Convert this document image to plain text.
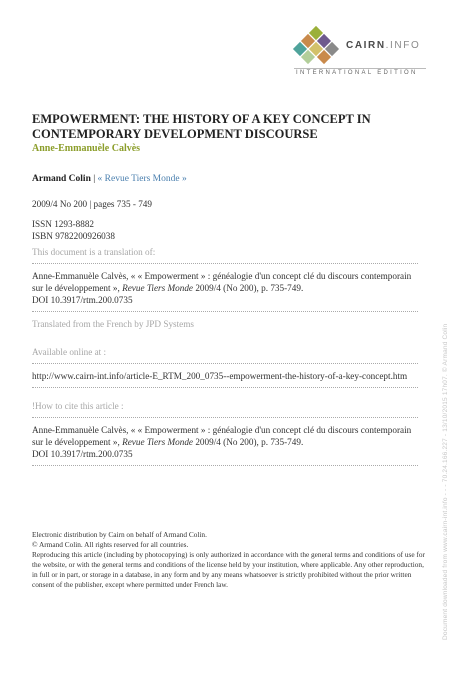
CAIRN.INFO
INTERNATIONAL EDITION
EMPOWERMENT: THE HISTORY OF A KEY CONCEPT IN
CONTEMPORARY DEVELOPMENT DISCOURSE
Anne-Emmanuèle Calvès
Armand Colin | « Revue Tiers Monde »
2009/4 No 200 | pages 735 - 749
ISSN 1293-8882
ISBN 9782200926038
This document is a translation of:
Anne-Emmanuèle Calvès, « « Empowerment » : généalogie d'un concept clé du discours contemporain sur le développement », Revue Tiers Monde 2009/4 (No 200), p. 735-749.
DOI 10.3917/rtm.200.0735
Translated from the French by JPD Systems
Available online at :
http://www.cairn-int.info/article-E_RTM_200_0735--empowerment-the-history-of-a-key-concept.htm
!How to cite this article :
Anne-Emmanuèle Calvès, « « Empowerment » : généalogie d'un concept clé du discours contemporain sur le développement », Revue Tiers Monde 2009/4 (No 200), p. 735-749.
DOI 10.3917/rtm.200.0735
Electronic distribution by Cairn on behalf of Armand Colin.
© Armand Colin. All rights reserved for all countries.
Reproducing this article (including by photocopying) is only authorized in accordance with the general terms and conditions of use for the website, or with the general terms and conditions of the license held by your institution, where applicable. Any other reproduction, in full or in part, or storage in a database, in any form and by any means whatsoever is strictly prohibited without the prior written consent of the publisher, except where permitted under French law.	Document downloaded from www.cairn-int.info - - - 70.24.166.227 - 13/10/2015 17h07. © Armand Colin
